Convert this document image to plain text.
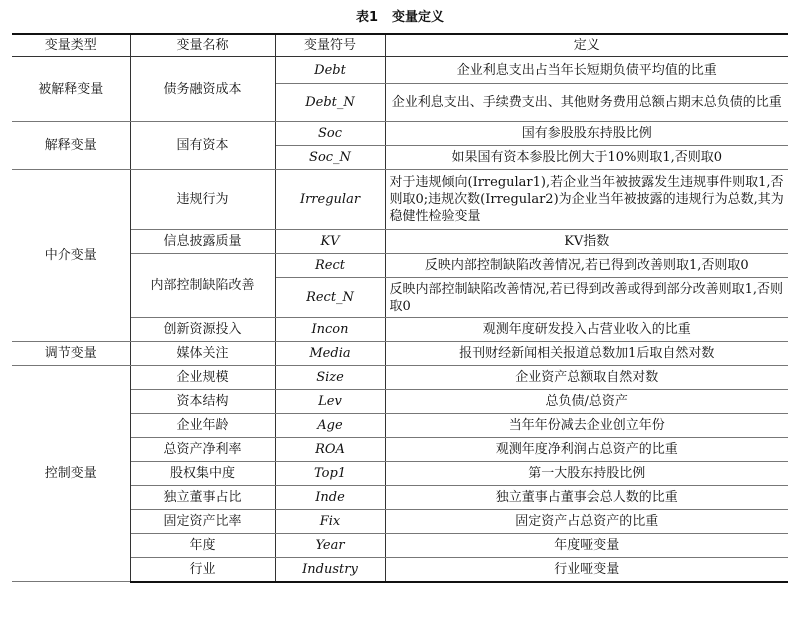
表1 变量定义
变量类型	变量名称	变量符号	定义
被解释变量	债务融资成本	Debt	企业利息支出占当年长短期负债平均值的比重
		Debt_N	企业利息支出、手续费支出、其他财务费用总额占期末总负债的比重
解释变量	国有资本	Soc	国有参股股东持股比例
		Soc_N	如果国有资本参股比例大于10%则取1,否则取0
中介变量	违规行为	Irregular	对于违规倾向(Irregular1),若企业当年被披露发生违规事件则取1,否则取0;违规次数(Irregular2)为企业当年被披露的违规行为总数,其为稳健性检验变量
	信息披露质量	KV	KV指数
	内部控制缺陷改善	Rect	反映内部控制缺陷改善情况,若已得到改善则取1,否则取0
		Rect_N	反映内部控制缺陷改善情况,若已得到改善或得到部分改善则取1,否则取0
	创新资源投入	Incon	观测年度研发投入占营业收入的比重
调节变量	媒体关注	Media	报刊财经新闻相关报道总数加1后取自然对数
控制变量	企业规模	Size	企业资产总额取自然对数
	资本结构	Lev	总负债/总资产
	企业年龄	Age	当年年份减去企业创立年份
	总资产净利率	ROA	观测年度净利润占总资产的比重
	股权集中度	Top1	第一大股东持股比例
	独立董事占比	Inde	独立董事占董事会总人数的比重
	固定资产比率	Fix	固定资产占总资产的比重
	年度	Year	年度哑变量
	行业	Industry	行业哑变量
